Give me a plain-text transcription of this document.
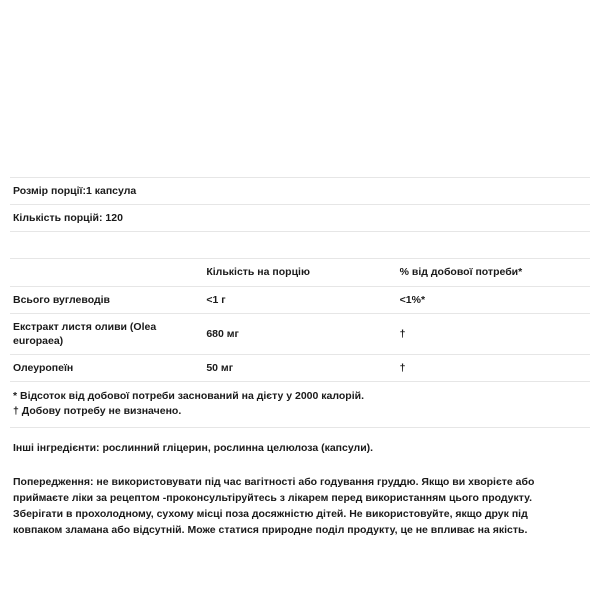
Розмір порції:1 капсула		
Кількість порцій: 120		

	Кількість на порцію	% від добової потреби*
Всього вуглеводів	<1 г	<1%*
Екстракт листя оливи (Olea europaea)	680 мг	†
Олеуропеїн	50 мг	†
* Відсоток від добової потреби заснований на дієту у 2000 калорій.
† Добову потребу не визначено.
Інші інгредієнти: рослинний гліцерин, рослинна целюлоза (капсули).
Попередження: не використовувати під час вагітності або годування груддю. Якщо ви хворієте або приймаєте ліки за рецептом -проконсультіруйтесь з лікарем перед використанням цього продукту. Зберігати в прохолодному, сухому місці поза досяжністю дітей. Не використовуйте, якщо друк під ковпаком зламана або відсутній. Може статися природне поділ продукту, це не впливає на якість.
